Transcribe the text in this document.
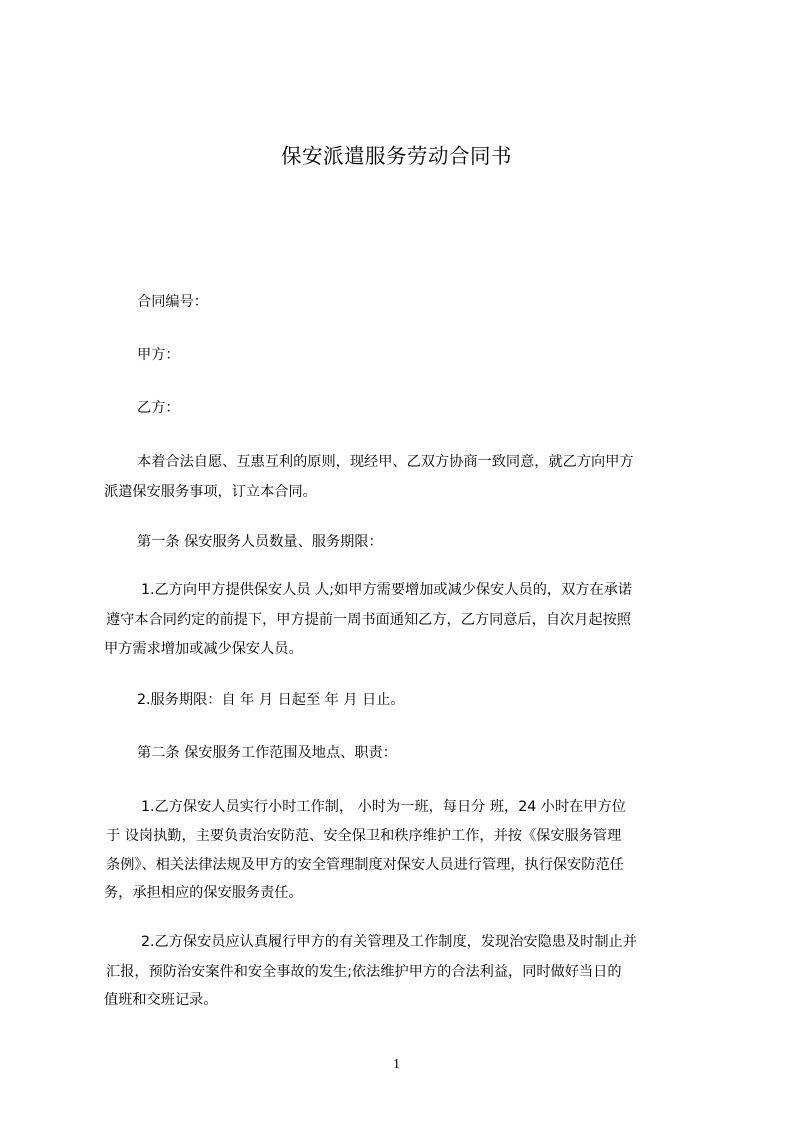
保安派遣服务劳动合同书
合同编号：
甲方：
乙方：
本着合法自愿、互惠互利的原则，现经甲、乙双方协商一致同意，就乙方向甲方
派遣保安服务事项，订立本合同。
第一条 保安服务人员数量、服务期限：
1.乙方向甲方提供保安人员 人;如甲方需要增加或减少保安人员的，双方在承诺
遵守本合同约定的前提下，甲方提前一周书面通知乙方，乙方同意后，自次月起按照
甲方需求增加或减少保安人员。
2.服务期限：自 年 月 日起至 年 月 日止。
第二条 保安服务工作范围及地点、职责：
1.乙方保安人员实行小时工作制， 小时为一班，每日分 班，24 小时在甲方位
于 设岗执勤，主要负责治安防范、安全保卫和秩序维护工作，并按《保安服务管理
条例》、相关法律法规及甲方的安全管理制度对保安人员进行管理，执行保安防范任
务，承担相应的保安服务责任。
2.乙方保安员应认真履行甲方的有关管理及工作制度，发现治安隐患及时制止并
汇报，预防治安案件和安全事故的发生;依法维护甲方的合法利益，同时做好当日的
值班和交班记录。
1
